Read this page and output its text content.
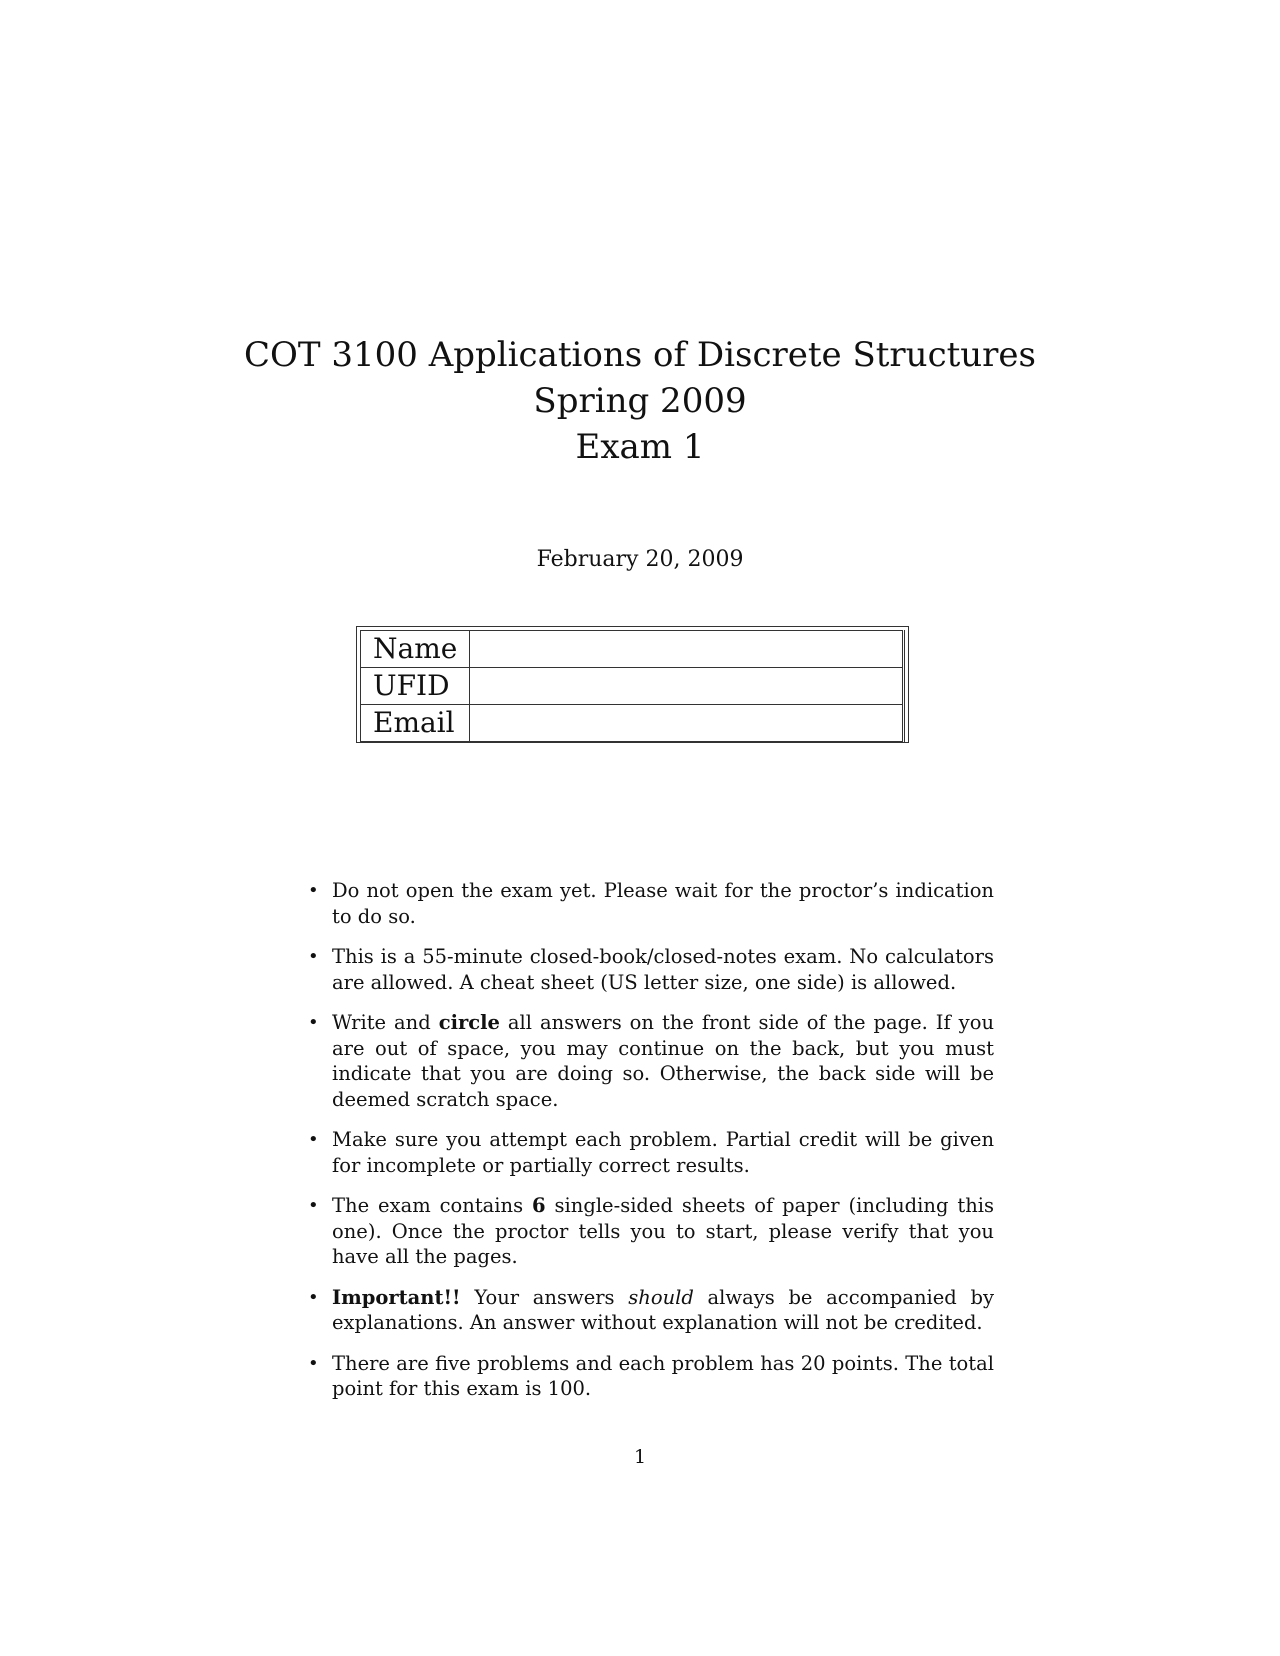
COT 3100 Applications of Discrete Structures
Spring 2009
Exam 1
February 20, 2009
Name	
UFID	
Email	
• Do not open the exam yet. Please wait for the proctor’s indication to do so.
• This is a 55-minute closed-book/closed-notes exam. No calculators are allowed. A cheat sheet (US letter size, one side) is allowed.
• Write and circle all answers on the front side of the page. If you are out of space, you may continue on the back, but you must indicate that you are doing so. Otherwise, the back side will be deemed scratch space.
• Make sure you attempt each problem. Partial credit will be given for incomplete or partially correct results.
• The exam contains 6 single-sided sheets of paper (including this one). Once the proctor tells you to start, please verify that you have all the pages.
• Important!! Your answers should always be accompanied by explanations. An answer without explanation will not be credited.
• There are five problems and each problem has 20 points. The total point for this exam is 100.
1
